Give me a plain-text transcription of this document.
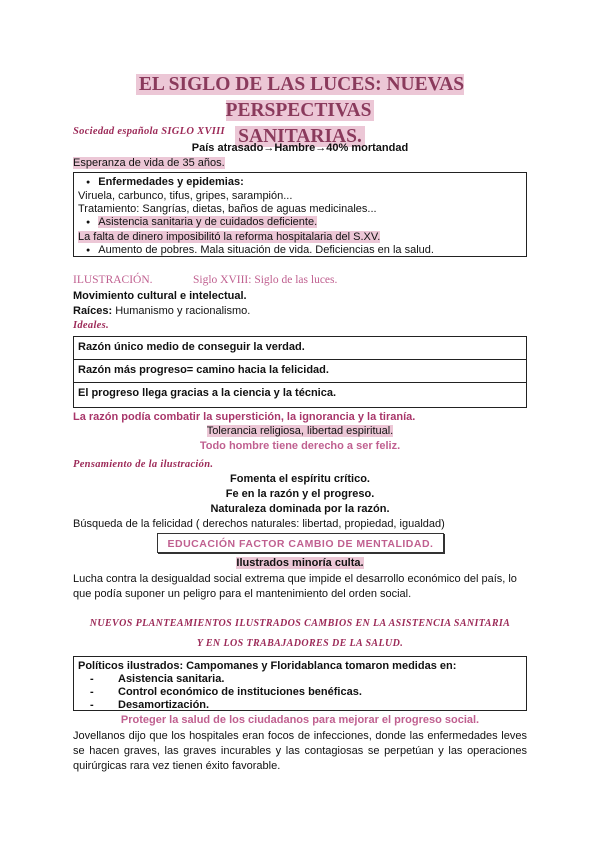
EL SIGLO DE LAS LUCES: NUEVAS PERSPECTIVAS
SANITARIAS.
Sociedad española SIGLO XVIII
País atrasado→Hambre→40% mortandad
Esperanza de vida de 35 años.
● Enfermedades y epidemias:
Viruela, carbunco, tifus, gripes, sarampión...
Tratamiento: Sangrías, dietas, baños de aguas medicinales...
● Asistencia sanitaria y de cuidados deficiente.
La falta de dinero imposibilitó la reforma hospitalaria del S.XV.
● Aumento de pobres. Mala situación de vida. Deficiencias en la salud.
ILUSTRACIÓN.	Siglo XVIII: Siglo de las luces.
Movimiento cultural e intelectual.
Raíces: Humanismo y racionalismo.
Ideales.
Razón único medio de conseguir la verdad.
Razón más progreso= camino hacia la felicidad.
El progreso llega gracias a la ciencia y la técnica.
La razón podía combatir la superstición, la ignorancia y la tiranía.
Tolerancia religiosa, libertad espiritual.
Todo hombre tiene derecho a ser feliz.
Pensamiento de la ilustración.
Fomenta el espíritu crítico.
Fe en la razón y el progreso.
Naturaleza dominada por la razón.
Búsqueda de la felicidad ( derechos naturales: libertad, propiedad, igualdad)
EDUCACIÓN FACTOR CAMBIO DE MENTALIDAD.
Ilustrados minoría culta.
Lucha contra la desigualdad social extrema que impide el desarrollo económico del país, lo que podía suponer un peligro para el mantenimiento del orden social.
NUEVOS PLANTEAMIENTOS ILUSTRADOS CAMBIOS EN LA ASISTENCIA SANITARIA
Y EN LOS TRABAJADORES DE LA SALUD.
Políticos ilustrados: Campomanes y Floridablanca tomaron medidas en:
- Asistencia sanitaria.
- Control económico de instituciones benéficas.
- Desamortización.
Proteger la salud de los ciudadanos para mejorar el progreso social.
Jovellanos dijo que los hospitales eran focos de infecciones, donde las enfermedades leves se hacen graves, las graves incurables y las contagiosas se perpetúan y las operaciones quirúrgicas rara vez tienen éxito favorable.
